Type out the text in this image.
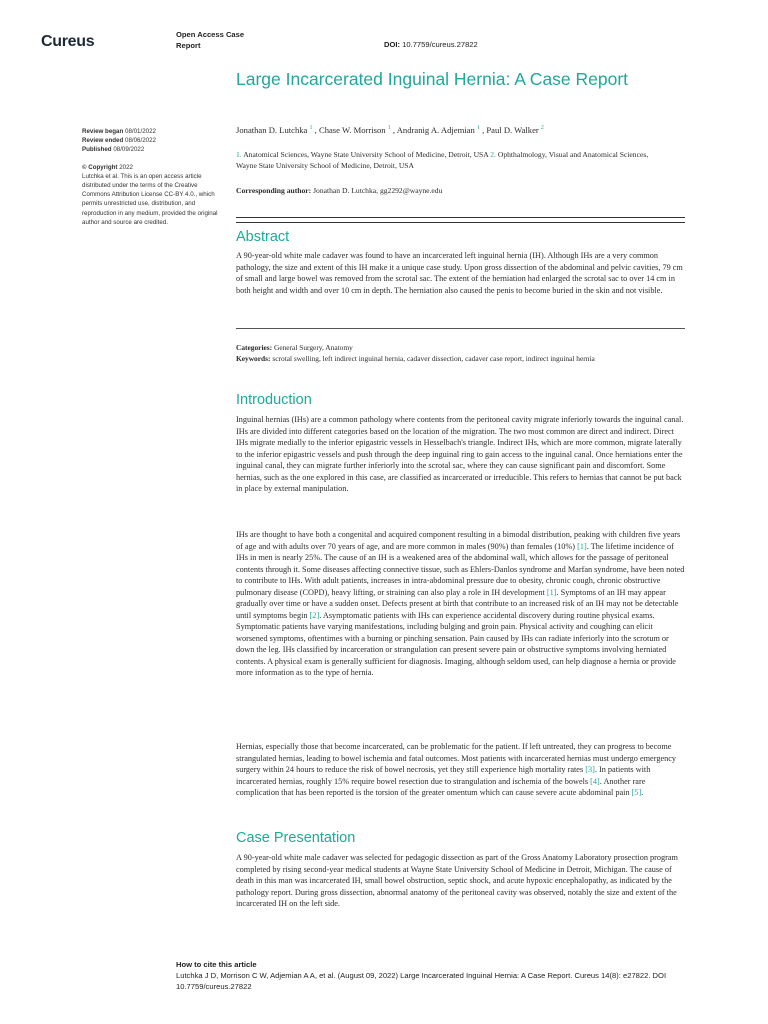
Cureus	Open Access Case
Report	DOI: 10.7759/cureus.27822
Large Incarcerated Inguinal Hernia: A Case Report
Jonathan D. Lutchka $^1$ , Chase W. Morrison $^1$ , Andranig A. Adjemian $^1$ , Paul D. Walker $^2$
1. Anatomical Sciences, Wayne State University School of Medicine, Detroit, USA 2. Ophthalmology, Visual and Anatomical Sciences, Wayne State University School of Medicine, Detroit, USA
Corresponding author: Jonathan D. Lutchka, gg2292@wayne.edu
Review began 08/01/2022
Review ended 08/06/2022
Published 08/09/2022
© Copyright 2022
Lutchka et al. This is an open access article distributed under the terms of the Creative Commons Attribution License CC-BY 4.0., which permits unrestricted use, distribution, and reproduction in any medium, provided the original author and source are credited.
Abstract
A 90-year-old white male cadaver was found to have an incarcerated left inguinal hernia (IH). Although IHs are a very common pathology, the size and extent of this IH make it a unique case study. Upon gross dissection of the abdominal and pelvic cavities, 79 cm of small and large bowel was removed from the scrotal sac. The extent of the herniation had enlarged the scrotal sac to over 14 cm in both height and width and over 10 cm in depth. The herniation also caused the penis to become buried in the skin and not visible.
Categories: General Surgery, Anatomy
Keywords: scrotal swelling, left indirect inguinal hernia, cadaver dissection, cadaver case report, indirect inguinal hernia
Introduction
Inguinal hernias (IHs) are a common pathology where contents from the peritoneal cavity migrate inferiorly towards the inguinal canal. IHs are divided into different categories based on the location of the migration. The two most common are direct and indirect. Direct IHs migrate medially to the inferior epigastric vessels in Hesselbach's triangle. Indirect IHs, which are more common, migrate laterally to the inferior epigastric vessels and push through the deep inguinal ring to gain access to the inguinal canal. Once herniations enter the inguinal canal, they can migrate further inferiorly into the scrotal sac, where they can cause significant pain and discomfort. Some hernias, such as the one explored in this case, are classified as incarcerated or irreducible. This refers to hernias that cannot be put back in place by external manipulation.
IHs are thought to have both a congenital and acquired component resulting in a bimodal distribution, peaking with children five years of age and with adults over 70 years of age, and are more common in males (90%) than females (10%) [1]. The lifetime incidence of IHs in men is nearly 25%. The cause of an IH is a weakened area of the abdominal wall, which allows for the passage of peritoneal contents through it. Some diseases affecting connective tissue, such as Ehlers-Danlos syndrome and Marfan syndrome, have been noted to contribute to IHs. With adult patients, increases in intra-abdominal pressure due to obesity, chronic cough, chronic obstructive pulmonary disease (COPD), heavy lifting, or straining can also play a role in IH development [1]. Symptoms of an IH may appear gradually over time or have a sudden onset. Defects present at birth that contribute to an increased risk of an IH may not be detectable until symptoms begin [2]. Asymptomatic patients with IHs can experience accidental discovery during routine physical exams. Symptomatic patients have varying manifestations, including bulging and groin pain. Physical activity and coughing can elicit worsened symptoms, oftentimes with a burning or pinching sensation. Pain caused by IHs can radiate inferiorly into the scrotum or down the leg. IHs classified by incarceration or strangulation can present severe pain or obstructive symptoms involving herniated contents. A physical exam is generally sufficient for diagnosis. Imaging, although seldom used, can help diagnose a hernia or provide more information as to the type of hernia.
Hernias, especially those that become incarcerated, can be problematic for the patient. If left untreated, they can progress to become strangulated hernias, leading to bowel ischemia and fatal outcomes. Most patients with incarcerated hernias must undergo emergency surgery within 24 hours to reduce the risk of bowel necrosis, yet they still experience high mortality rates [3]. In patients with incarcerated hernias, roughly 15% require bowel resection due to strangulation and ischemia of the bowels [4]. Another rare complication that has been reported is the torsion of the greater omentum which can cause severe acute abdominal pain [5].
Case Presentation
A 90-year-old white male cadaver was selected for pedagogic dissection as part of the Gross Anatomy Laboratory prosection program completed by rising second-year medical students at Wayne State University School of Medicine in Detroit, Michigan. The cause of death in this man was incarcerated IH, small bowel obstruction, septic shock, and acute hypoxic encephalopathy, as indicated by the pathology report. During gross dissection, abnormal anatomy of the peritoneal cavity was observed, notably the size and extent of the incarcerated IH on the left side.
How to cite this article
Lutchka J D, Morrison C W, Adjemian A A, et al. (August 09, 2022) Large Incarcerated Inguinal Hernia: A Case Report. Cureus 14(8): e27822. DOI 10.7759/cureus.27822
